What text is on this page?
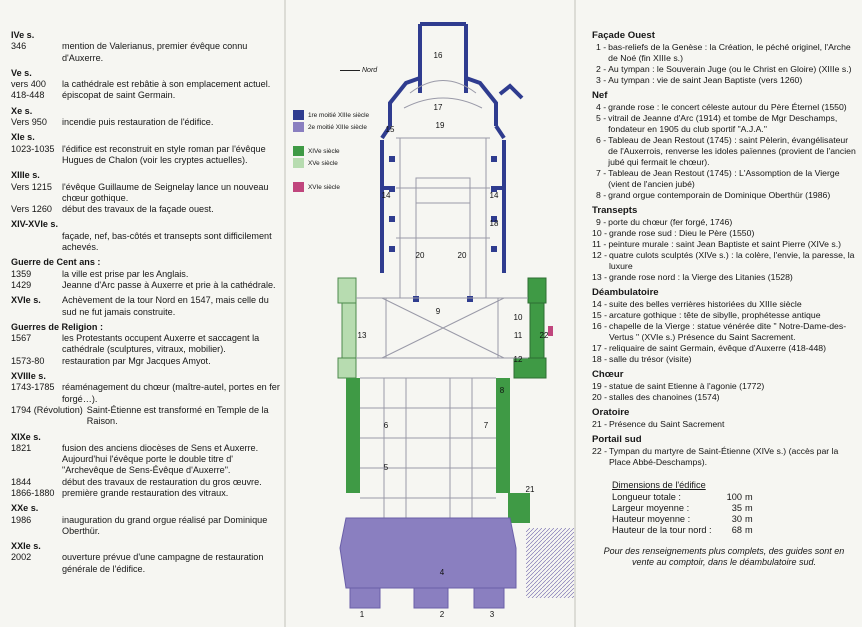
IVe s.
346	mention de Valerianus, premier évêque connu d'Auxerre.
Ve s.
vers 400	la cathédrale est rebâtie à son emplacement actuel.
418-448	épiscopat de saint Germain.
Xe s.
Vers 950	incendie puis restauration de l'édifice.
XIe s.
1023-1035 l'édifice est reconstruit en style roman par l'évêque Hugues de Chalon (voir les cryptes actuelles).
XIIIe s.
Vers 1215	l'évêque Guillaume de Seignelay lance un nouveau chœur gothique.
Vers 1260	début des travaux de la façade ouest.
XIV-XVIe s.
façade, nef, bas-côtés et transepts sont difficilement achevés.
Guerre de Cent ans :
1359	la ville est prise par les Anglais.
1429	Jeanne d'Arc passe à Auxerre et prie à la cathédrale.
XVIe s.	Achèvement de la tour Nord en 1547, mais celle du sud ne fut jamais construite.
Guerres de Religion :
1567	les Protestants occupent Auxerre et saccagent la cathédrale (sculptures, vitraux, mobilier).
1573-80	restauration par Mgr Jacques Amyot.
XVIIIe s.
1743-1785 réaménagement du chœur (maître-autel, portes en fer forgé…).
1794 (Révolution) Saint-Étienne est transformé en Temple de la Raison.
XIXe s.
1821	fusion des anciens diocèses de Sens et Auxerre. Aujourd'hui l'évêque porte le double titre d' "Archevêque de Sens-Évêque d'Auxerre".
1844	début des travaux de restauration du gros œuvre.
1866-1880 première grande restauration des vitraux.
XXe s.
1986	inauguration du grand orgue réalisé par Dominique Oberthür.
XXIe s.
2002	ouverture prévue d'une campagne de restauration générale de l'édifice.
Nord
1re moitié XIIIe siècle
2e moitié XIIIe siècle
XIVe siècle
XVe siècle
XVIe siècle
16
17
19
15
14	14
18
20	20
9
13
10
11 22
12
8
6	7
5
21
4
1	2	3
Façade Ouest
1 - bas-reliefs de la Genèse : la Création, le péché originel, l'Arche de Noé (fin XIIIe s.)
2 - Au tympan : le Souverain Juge (ou le Christ en Gloire) (XIIIe s.)
3 - Au tympan : vie de saint Jean Baptiste (vers 1260)
Nef
4 - grande rose : le concert céleste autour du Père Éternel (1550)
5 - vitrail de Jeanne d'Arc (1914) et tombe de Mgr Deschamps, fondateur en 1905 du club sportif "A.J.A."
6 - Tableau de Jean Restout (1745) : saint Pèlerin, évangélisateur de l'Auxerrois, renverse les idoles païennes (provient de l'ancien jubé qui fermait le chœur).
7 - Tableau de Jean Restout (1745) : L'Assomption de la Vierge (vient de l'ancien jubé)
8 - grand orgue contemporain de Dominique Oberthür (1986)
Transepts
9 - porte du chœur (fer forgé, 1746)
10 - grande rose sud : Dieu le Père (1550)
11 - peinture murale : saint Jean Baptiste et saint Pierre (XIVe s.)
12 - quatre culots sculptés (XIVe s.) : la colère, l'envie, la paresse, la luxure
13 - grande rose nord : la Vierge des Litanies (1528)
Déambulatoire
14 - suite des belles verrières historiées du XIIIe siècle
15 - arcature gothique : tête de sibylle, prophétesse antique
16 - chapelle de la Vierge : statue vénérée dite " Notre-Dame-des-Vertus " (XVIe s.) Présence du Saint Sacrement.
17 - reliquaire de saint Germain, évêque d'Auxerre (418-448)
18 - salle du trésor (visite)
Chœur
19 - statue de saint Etienne à l'agonie (1772)
20 - stalles des chanoines (1574)
Oratoire
21 - Présence du Saint Sacrement
Portail sud
22 - Tympan du martyre de Saint-Étienne (XIVe s.) (accès par la Place Abbé-Deschamps).
Dimensions de l'édifice
Longueur totale :	100 m
Largeur moyenne :	35 m
Hauteur moyenne :	30 m
Hauteur de la tour nord :	68 m
Pour des renseignements plus complets, des guides sont en vente au comptoir, dans le déambulatoire sud.
